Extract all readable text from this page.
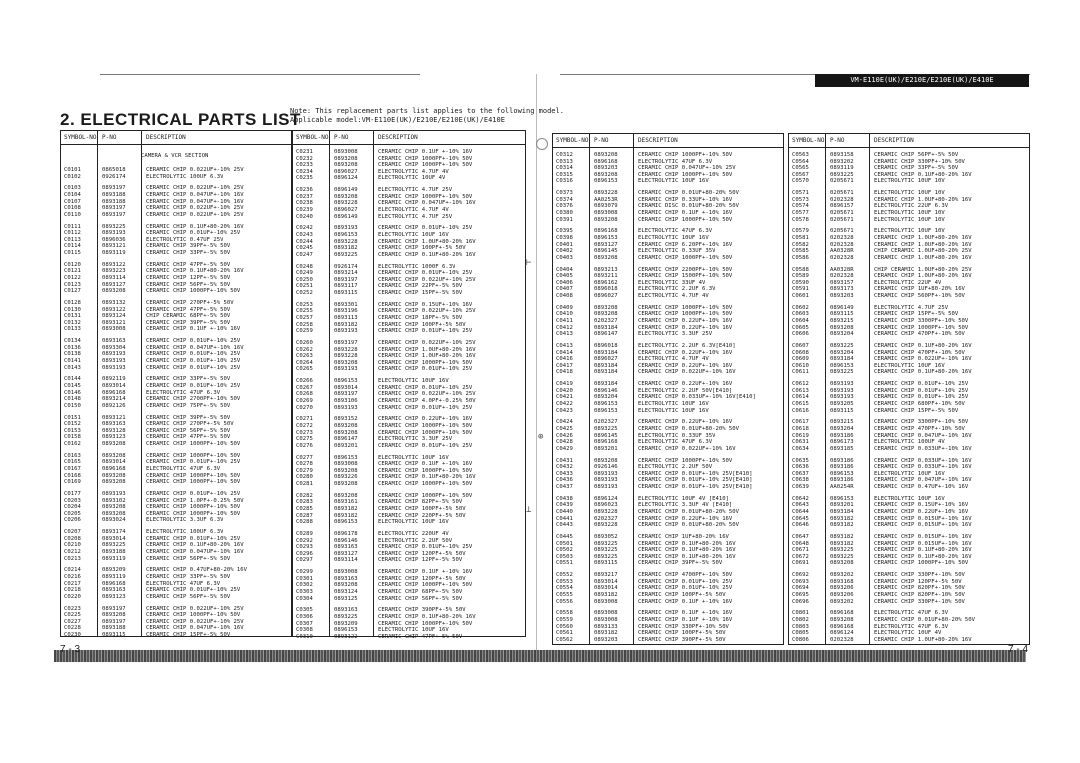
2. ELECTRICAL PARTS LIST
Note: This replacement parts list applies to the following model.
Applicable model:VM-E110E(UK)/E210E/E210E(UK)/E410E
VM-E110E(UK)/E210E/E210E(UK)/E410E
⊢
⊥
⊕
SYMBOL-NO P-NO	DESCRIPTION
CAMERA & VCR SECTION
C0101	0865018	CERAMIC CHIP 0.022UF+-10% 25V
C0102	0926174	ELECTROLYTIC 100UF 6.3V
C0103	0893197	CERAMIC CHIP 0.022UF+-10% 25V
C0104	0893188	CERAMIC CHIP 0.047UF+-10% 16V
C0107	0893188	CERAMIC CHIP 0.047UF+-10% 16V
C0108	0893197	CERAMIC CHIP 0.022UF+-10% 25V
C0110	0893197	CERAMIC CHIP 0.022UF+-10% 25V
C0111	0893225	CERAMIC CHIP 0.1UF+80-20% 16V
C0112	0893193	CERAMIC CHIP 0.01UF+-10% 25V
C0113	0896036	ELECTROLYTIC 0.47UF 25V
C0114	0893121	CERAMIC CHIP 39PF+-5% 50V
C0115	0893119	CERAMIC CHIP 33PF+-5% 50V
C0120	0893122	CERAMIC CHIP 47PF+-5% 50V
C0121	0893223	CERAMIC CHIP 0.1UF+80-20% 16V
C0122	0893114	CERAMIC CHIP 12PF+-5% 50V
C0123	0893127	CERAMIC CHIP 56PF+-5% 50V
C0127	0893208	CERAMIC CHIP 1000PF+-10% 50V
C0128	0893132	CERAMIC CHIP 270PF+-5% 50V
C0130	0893122	CERAMIC CHIP 47PF+-5% 50V
C0131	0893124	CHIP CERAMIC 68PF+-5% 50V
C0132	0893121	CERAMIC CHIP 39PF+-5% 50V
C0133	0893008	CERAMIC CHIP 0.1UF +-10% 16V
C0134	0893163	CERAMIC CHIP 0.01UF+-10% 25V
C0136	0893304	CERAMIC CHIP 0.047UF+-10% 16V
C0138	0893193	CERAMIC CHIP 0.01UF+-10% 25V
C0141	0893193	CERAMIC CHIP 0.01UF+-10% 25V
C0143	0893193	CERAMIC CHIP 0.01UF+-10% 25V
C0144	0892119	CERAMIC CHIP 33PF+-5% 50V
C0145	0893014	CERAMIC CHIP 0.01UF+-10% 25V
C0146	0896168	ELECTROLYTIC 47UF 6.3V
C0148	0893214	CERAMIC CHIP 2700PF+-10% 50V
C0150	0892126	CERAMIC CHIP 75PF+-5% 50V
C0151	0893121	CERAMIC CHIP 39PF+-5% 50V
C0152	0893163	CERAMIC CHIP 270PF+-5% 50V
C0153	0893128	CERAMIC CHIP 56PF+-5% 50V
C0158	0893123	CERAMIC CHIP 47PF+-5% 50V
C0162	0893208	CERAMIC CHIP 1000PF+-10% 50V
C0163	0893208	CERAMIC CHIP 1000PF+-10% 50V
C0165	0893014	CERAMIC CHIP 0.01UF+-10% 25V
C0167	0896168	ELECTROLYTIC 47UF 6.3V
C0168	0893208	CERAMIC CHIP 1000PF+-10% 50V
C0169	0893208	CERAMIC CHIP 1000PF+-10% 50V
C0177	0893193	CERAMIC CHIP 0.01UF+-10% 25V
C0203	0893102	CERAMIC CHIP 1.0PF+-0.25% 50V
C0204	0893208	CERAMIC CHIP 1000PF+-10% 50V
C0205	0893208	CERAMIC CHIP 1000PF+-10% 50V
C0206	0893024	ELECTROLYTIC 3.3UF 6.3V
C0207	0893174	ELECTROLYTIC 100UF 6.3V
C0208	0893014	CERAMIC CHIP 0.01UF+-10% 25V
C0210	0893225	CERAMIC CHIP 0.1UF+80-20% 16V
C0212	0893188	CERAMIC CHIP 0.047UF+-10% 16V
C0213	0893119	CERAMIC CHIP 56PF+-5% 50V
C0214	0893209	CERAMIC CHIP 0.47UF+80-20% 16V
C0216	0893119	CERAMIC CHIP 33PF+-5% 50V
C0217	0896168	ELECTROLYTIC 47UF 6.3V
C0218	0893163	CERAMIC CHIP 0.01UF+-10% 25V
C0220	0893123	CERAMIC CHIP 56PF+-5% 50V
C0223	0893197	CERAMIC CHIP 0.022UF+-10% 25V
C0225	0893208	CERAMIC CHIP 1000PF+-10% 50V
C0227	0893197	CERAMIC CHIP 0.022UF+-10% 25V
C0228	0893188	CERAMIC CHIP 0.047UF+-10% 16V
C0230	0893115	CERAMIC CHIP 15PF+-5% 50V
SYMBOL-NO P-NO	DESCRIPTION
C0231	0893008	CERAMIC CHIP 0.1UF +-10% 16V
C0232	0893208	CERAMIC CHIP 1000PF+-10% 50V
C0233	0893208	CERAMIC CHIP 1000PF+-10% 50V
C0234	0896027	ELECTROLYTIC 4.7UF 4V
C0235	0896124	ELECTROLYTIC 10UF 4V
C0236	0896149	ELECTROLYTIC 4.7UF 25V
C0237	0893208	CERAMIC CHIP 1000PF+-10% 50V
C0238	0893228	CERAMIC CHIP 0.047UF+-10% 16V
C0239	0896027	ELECTROLYTIC 4.7UF 4V
C0240	0896149	ELECTROLYTIC 4.7UF 25V
C0242	0893193	CERAMIC CHIP 0.01UF+-10% 25V
C0243	0896153	ELECTROLYTIC 10UF 16V
C0244	0893228	CERAMIC CHIP 1.0UF+80-20% 16V
C0245	0893182	CERAMIC CHIP 100PF+-5% 50V
C0247	0893225	CERAMIC CHIP 0.1UF+80-20% 16V
C0248	0926174	ELECTROLYTIC 1000F 6.3V
C0249	0893214	CERAMIC CHIP 0.01UF+-10% 25V
C0250	0893197	CERAMIC CHIP 0.022UF+-10% 25V
C0251	0893117	CERAMIC CHIP 22PF+-5% 50V
C0252	0893115	CERAMIC CHIP 15PF+-5% 50V
C0253	0893301	CERAMIC CHIP 0.15UF+-10% 16V
C0255	0893196	CERAMIC CHIP 0.022UF+-10% 25V
C0257	0893113	CERAMIC CHIP 18PF+-5% 50V
C0258	0893182	CERAMIC CHIP 100PF+-5% 50V
C0259	0893193	CERAMIC CHIP 0.01UF+-10% 25V
C0260	0893197	CERAMIC CHIP 0.022UF+-10% 25V
C0262	0893228	CERAMIC CHIP 1.0UF+80-20% 16V
C0263	0893228	CERAMIC CHIP 1.0UF+80-20% 16V
C0264	0893208	CERAMIC CHIP 1000PF+-10% 50V
C0265	0893193	CERAMIC CHIP 0.01UF+-10% 25V
C0266	0896153	ELECTROLYTIC 10UF 16V
C0267	0893014	CERAMIC CHIP 0.01UF+-10% 25V
C0268	0893197	CERAMIC CHIP 0.022UF+-10% 25V
C0269	0893106	CERAMIC CHIP 4.0PF+-0.25% 50V
C0270	0893193	CERAMIC CHIP 0.01UF+-10% 25V
C0271	0893152	CERAMIC CHIP 0.22UF+-10% 16V
C0272	0893208	CERAMIC CHIP 1000PF+-10% 50V
C0273	0893208	CERAMIC CHIP 1000PF+-10% 50V
C0275	0896147	ELECTROLYTIC 3.3UF 25V
C0276	0893201	CERAMIC CHIP 0.01UF+-10% 25V
C0277	0896153	ELECTROLYTIC 10UF 16V
C0278	0893008	CERAMIC CHIP 0.1UF +-10% 16V
C0279	0893208	CERAMIC CHIP 1000PF+-10% 50V
C0280	0893226	CERAMIC CHIP 0.1UF+80-20% 16V
C0281	0893208	CERAMIC CHIP 1000PF+-10% 50V
C0282	0893208	CERAMIC CHIP 1000PF+-10% 50V
C0283	0893161	CERAMIC CHIP 82PF+-5% 50V
C0285	0893182	CERAMIC CHIP 100PF+-5% 50V
C0287	0893182	CERAMIC CHIP 220PF+-5% 50V
C0288	0896153	ELECTROLYTIC 10UF 16V
C0289	0896178	ELECTROLYTIC 220UF 4V
C0292	0896146	ELECTROLYTIC 2.2UF 50V
C0293	0893163	CERAMIC CHIP 0.01UF+-10% 25V
C0296	0893127	CERAMIC CHIP 120PF+-5% 50V
C0297	0893114	CERAMIC CHIP 12PF+-5% 50V
C0299	0893008	CERAMIC CHIP 0.1UF +-10% 16V
C0301	0893163	CERAMIC CHIP 120PF+-5% 50V
C0302	0893208	CERAMIC CHIP 1000PF+-10% 50V
C0303	0893124	CERAMIC CHIP 68PF+-5% 50V
C0304	0893125	CERAMIC CHIP 56PF+-5% 50V
C0305	0893163	CERAMIC CHIP 390PF+-5% 50V
C0306	0893225	CERAMIC CHIP 0.1UF+80-20% 16V
C0307	0893209	CERAMIC CHIP 1000PF+-10% 50V
C0308	0896153	ELECTROLYTIC 10UF 16V
C0310	0893122	CERAMIC CHIP 47PF+-5% 50V
SYMBOL-NO P-NO	DESCRIPTION
C0312	0893208	CERAMIC CHIP 1000PF+-10% 50V
C0313	0896168	ELECTROLYTIC 47UF 6.3V
C0314	0893203	CERAMIC CHIP 0.047UF+-10% 25V
C0315	0893208	CERAMIC CHIP 1000PF+-10% 50V
C0316	0896153	ELECTROLYTIC 10UF 16V
C0373	0893228	CERAMIC CHIP 0.01UF+80-20% 50V
C0374	AA0253R	CERAMIC CHIP 0.33UF+-10% 16V
C0376	0893079	CERAMIC DISC 0.01UF+80-20% 50V
C0380	0893008	CERAMIC CHIP 0.1UF +-10% 16V
C0391	0893208	CERAMIC CHIP 1000PF+-10% 50V
C0395	0896168	ELECTROLYTIC 47UF 6.3V
C0398	0896153	ELECTROLYTIC 10UF 16V
C0401	0893127	CERAMIC CHIP 6.20PF+-10% 16V
C0402	0896145	ELECTROLYTIC 0.33UF 35V
C0403	0893208	CERAMIC CHIP 1000PF+-10% 50V
C0404	0893213	CERAMIC CHIP 2200PF+-10% 50V
C0405	0893211	CERAMIC CHIP 1500PF+-10% 50V
C0406	0896162	ELECTROLYTIC 33UF 4V
C0407	0896018	ELECTROLYTIC 2.2UF 6.3V
C0408	0896027	ELECTROLYTIC 4.7UF 4V
C0409	0893208	CERAMIC CHIP 1000PF+-10% 50V
C0410	0893208	CERAMIC CHIP 1000PF+-10% 50V
C0411	0202327	CERAMIC CHIP 0.22UF+-10% 16V
C0412	0893184	CERAMIC CHIP 0.22UF+-10% 16V
C0413	0896147	ELECTROLYTIC 3.3UF 25V
C0413	0896018	ELECTROLYTIC 2.2UF 6.3V[E410]
C0414	0893184	CERAMIC CHIP 0.22UF+-10% 16V
C0416	0896027	ELECTROLYTIC 4.7UF 4V
C0417	0893184	CERAMIC CHIP 0.22UF+-10% 16V
C0418	0893184	CERAMIC CHIP 0.022UF+-10% 16V
C0419	0893184	CERAMIC CHIP 0.22UF+-10% 16V
C0420	0896146	ELECTROLYTIC 2.2UF 50V[E410]
C0421	0893204	CERAMIC CHIP 0.033UF+-10% 16V[E410]
C0422	0896153	ELECTROLYTIC 10UF 16V
C0423	0896153	ELECTROLYTIC 10UF 16V
C0424	0202327	CERAMIC CHIP 0.22UF+-10% 16V
C0425	0893225	CERAMIC CHIP 0.01UF+80-20% 50V
C0426	0896145	ELECTROLYTIC 0.33UF 35V
C0428	0896168	ELECTROLYTIC 47UF 6.3V
C0429	0893201	CERAMIC CHIP 0.022UF+-10% 16V
C0431	0893208	CERAMIC CHIP 1000PF+-10% 50V
C0432	0926146	ELECTROLYTIC 2.2UF 50V
C0433	0893193	CERAMIC CHIP 0.01UF+-10% 25V[E410]
C0436	0893193	CERAMIC CHIP 0.01UF+-10% 25V[E410]
C0437	0893193	CERAMIC CHIP 0.01UF+-10% 25V[E410]
C0438	0896124	ELECTROLYTIC 10UF 4V [E410]
C0439	0896023	ELECTROLYTIC 3.3UF 4V [E410]
C0440	0893228	CERAMIC CHIP 0.01UF+80-20% 50V
C0441	0202327	CERAMIC CHIP 0.22UF+-10% 16V
C0443	0893228	CERAMIC CHIP 0.01UF+80-20% 50V
C0445	0893052	CERAMIC CHIP 1UF+80-20% 16V
C0501	0893225	CERAMIC CHIP 0.1UF+80-20% 16V
C0502	0893225	CERAMIC CHIP 0.1UF+80-20% 16V
C0503	0893225	CERAMIC CHIP 0.1UF+80-20% 16V
C0551	0893115	CERAMIC CHIP 39PF+-5% 50V
C0552	0893217	CERAMIC CHIP 4700PF+-10% 50V
C0553	0893014	CERAMIC CHIP 0.01UF+-10% 25V
C0554	0893014	CERAMIC CHIP 0.01UF+-10% 25V
C0555	0893182	CERAMIC CHIP 100PF+-5% 50V
C0556	0893008	CERAMIC CHIP 0.1UF +-10% 16V
C0558	0893008	CERAMIC CHIP 0.1UF +-10% 16V
C0559	0893008	CERAMIC CHIP 0.1UF +-10% 16V
C0560	0893133	CERAMIC CHIP 330PF+-10% 50V
C0561	0893182	CERAMIC CHIP 100PF+-5% 50V
C0562	0893203	CERAMIC CHIP 390PF+-5% 50V
SYMBOL-NO P-NO	DESCRIPTION
C0563	0893158	CERAMIC CHIP 56PF+-5% 50V
C0564	0893202	CERAMIC CHIP 330PF+-10% 50V
C0565	0893119	CERAMIC CHIP 33PF+-5% 50V
C0567	0893225	CERAMIC CHIP 0.1UF+80-20% 16V
C0570	0205671	ELECTROLYTIC 10UF 10V
C0571	0205671	ELECTROLYTIC 10UF 10V
C0573	0202328	CERAMIC CHIP 1.0UF+80-20% 16V
C0574	0896157	ELECTROLYTIC 22UF 6.3V
C0577	0205671	ELECTROLYTIC 10UF 10V
C0578	0205671	ELECTROLYTIC 10UF 10V
C0579	0205671	ELECTROLYTIC 10UF 10V
C0581	0202328	CERAMIC CHIP 1.0UF+80-20% 16V
C0582	0202328	CERAMIC CHIP 1.0UF+80-20% 16V
C0585	AA0328R	CHIP CERAMIC 1.0UF+80-20% 25V
C0586	0202328	CERAMIC CHIP 1.0UF+80-20% 16V
C0588	AA0328R	CHIP CERAMIC 1.0UF+80-20% 25V
C0589	0202328	CERAMIC CHIP 1.0UF+80-20% 16V
C0590	0893157	ELECTROLYTIC 22UF 4V
C0591	0893173	CERAMIC CHIP 1UF+80-20% 16V
C0601	0893203	CERAMIC CHIP 560PF+-10% 50V
C0602	0896149	ELECTROLYTIC 4.7UF 25V
C0603	0893115	CERAMIC CHIP 15PF+-5% 50V
C0604	0893215	CERAMIC CHIP 3300PF+-10% 50V
C0605	0893208	CERAMIC CHIP 1000PF+-10% 50V
C0606	0893204	CERAMIC CHIP 470PF+-10% 50V
C0607	0893225	CERAMIC CHIP 0.1UF+80-20% 16V
C0608	0893204	CERAMIC CHIP 470PF+-10% 50V
C0609	0893184	CERAMIC CHIP 0.022UF+-10% 16V
C0610	0896153	ELECTROLYTIC 10UF 16V
C0611	0893225	CERAMIC CHIP 0.1UF+80-20% 16V
C0612	0893193	CERAMIC CHIP 0.01UF+-10% 25V
C0613	0893193	CERAMIC CHIP 0.01UF+-10% 25V
C0614	0893193	CERAMIC CHIP 0.01UF+-10% 25V
C0615	0893205	CERAMIC CHIP 680PF+-10% 50V
C0616	0893115	CERAMIC CHIP 15PF+-5% 50V
C0617	0893215	CERAMIC CHIP 3300PF+-10% 50V
C0618	0893204	CERAMIC CHIP 470PF+-10% 50V
C0619	0893186	CERAMIC CHIP 0.047UF+-10% 16V
C0631	0896173	ELECTROLYTIC 100UF 4V
C0634	0893185	CERAMIC CHIP 0.033UF+-10% 16V
C0635	0893186	CERAMIC CHIP 0.033UF+-10% 16V
C0636	0893186	CERAMIC CHIP 0.033UF+-10% 16V
C0637	0896153	ELECTROLYTIC 10UF 16V
C0638	0893186	CERAMIC CHIP 0.047UF+-10% 16V
C0639	AA0254R	CERAMIC CHIP 0.47UF+-10% 16V
C0642	0896153	ELECTROLYTIC 10UF 16V
C0643	0893201	CERAMIC CHIP 0.15UF+-10% 16V
C0644	0893184	CERAMIC CHIP 0.22UF+-10% 16V
C0645	0893182	CERAMIC CHIP 0.015UF+-10% 16V
C0646	0893182	CERAMIC CHIP 0.015UF+-10% 16V
C0647	0893182	CERAMIC CHIP 0.015UF+-10% 16V
C0648	0893182	CERAMIC CHIP 0.015UF+-10% 16V
C0671	0893225	CERAMIC CHIP 0.1UF+80-20% 16V
C0672	0893225	CERAMIC CHIP 0.1UF+80-20% 16V
C0691	0893208	CERAMIC CHIP 1000PF+-10% 50V
C0692	0893202	CERAMIC CHIP 330PF+-10% 50V
C0693	0893168	CERAMIC CHIP 120PF+-5% 50V
C0694	0893206	CERAMIC CHIP 820PF+-10% 50V
C0695	0893206	CERAMIC CHIP 820PF+-10% 50V
C0696	0893202	CERAMIC CHIP 330PF+-10% 50V
C0801	0896168	ELECTROLYTIC 47UF 6.3V
C0802	0893208	CERAMIC CHIP 0.01UF+80-20% 50V
C0803	0896168	ELECTROLYTIC 47UF 6.3V
C0805	0896124	ELECTROLYTIC 10UF 4V
C0806	0202328	CERAMIC CHIP 1.0UF+80-20% 16V
7 - 3	7 - 4
